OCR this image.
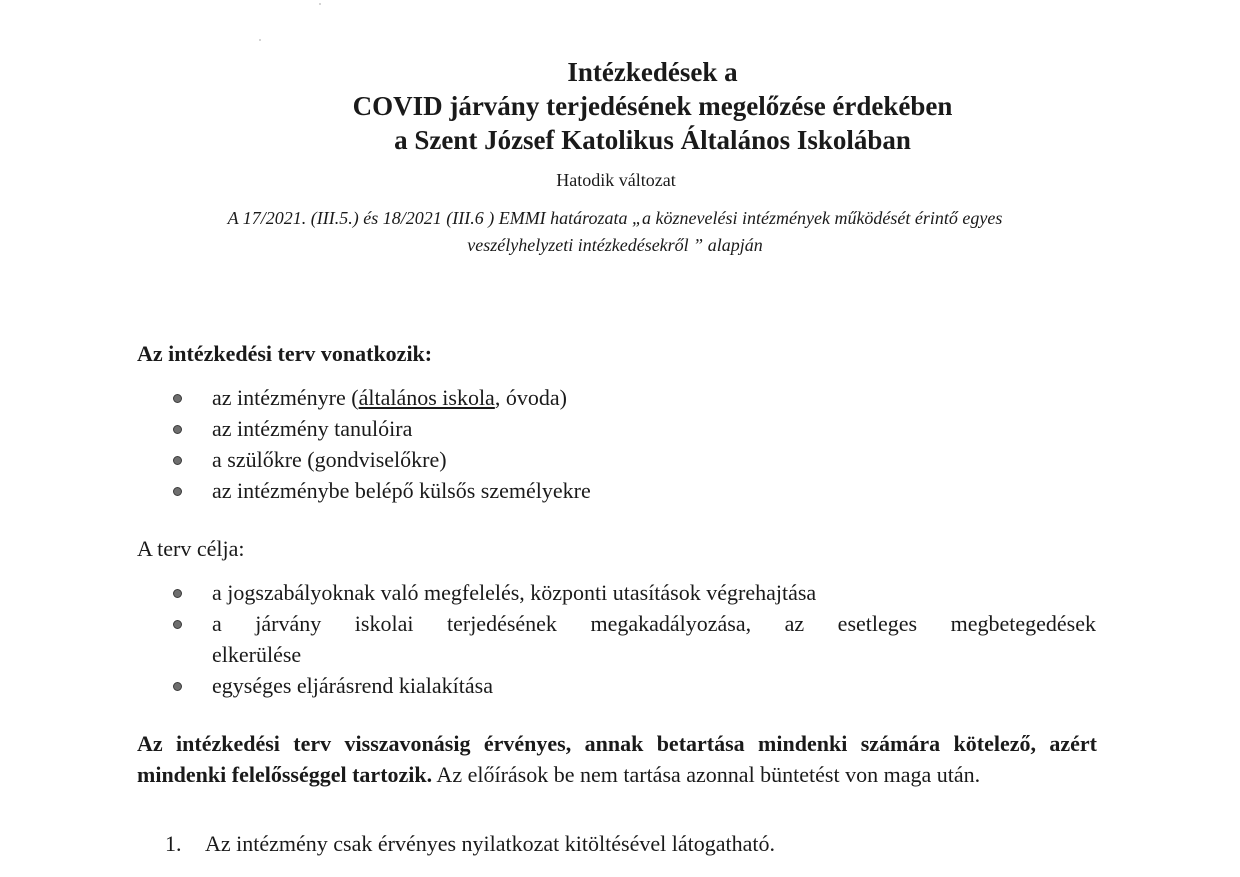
Intézkedések a
COVID járvány terjedésének megelőzése érdekében
a Szent József Katolikus Általános Iskolában
Hatodik változat
A 17/2021. (III.5.) és 18/2021 (III.6 ) EMMI határozata „a köznevelési intézmények működését érintő egyes
veszélyhelyzeti intézkedésekről ” alapján
Az intézkedési terv vonatkozik:
az intézményre (általános iskola, óvoda)
az intézmény tanulóira
a szülőkre (gondviselőkre)
az intézménybe belépő külsős személyekre
A terv célja:
a jogszabályoknak való megfelelés, központi utasítások végrehajtása
a járvány iskolai terjedésének megakadályozása, az esetleges megbetegedések
elkerülése
egységes eljárásrend kialakítása
Az intézkedési terv visszavonásig érvényes, annak betartása mindenki számára kötelező, azért mindenki felelősséggel tartozik. Az előírások be nem tartása azonnal büntetést von maga után.
1. Az intézmény csak érvényes nyilatkozat kitöltésével látogatható.
